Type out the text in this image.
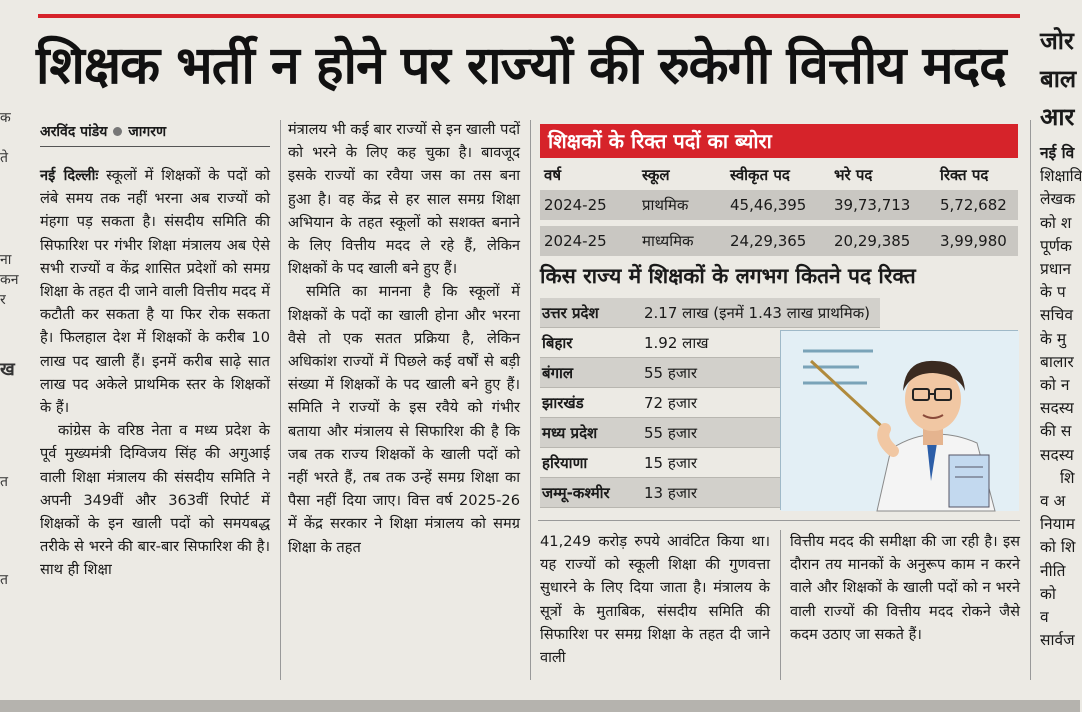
शिक्षक भर्ती न होने पर राज्यों की रुकेगी वित्तीय मदद
अरविंद पांडेय जागरण

नई दिल्लीः स्कूलों में शिक्षकों के पदों को लंबे समय तक नहीं भरना अब राज्यों को मंहगा पड़ सकता है। संसदीय समिति की सिफारिश पर गंभीर शिक्षा मंत्रालय अब ऐसे सभी राज्यों व केंद्र शासित प्रदेशों को समग्र शिक्षा के तहत दी जाने वाली वित्तीय मदद में कटौती कर सकता है या फिर रोक सकता है। फिलहाल देश में शिक्षकों के करीब 10 लाख पद खाली हैं। इनमें करीब साढ़े सात लाख पद अकेले प्राथमिक स्तर के शिक्षकों के हैं।

कांग्रेस के वरिष्ठ नेता व मध्य प्रदेश के पूर्व मुख्यमंत्री दिग्विजय सिंह की अगुआई वाली शिक्षा मंत्रालय की संसदीय समिति ने अपनी 349वीं और 363वीं रिपोर्ट में शिक्षकों के इन खाली पदों को समयबद्ध तरीके से भरने की बार-बार सिफारिश की है। साथ ही शिक्षा

मंत्रालय भी कई बार राज्यों से इन खाली पदों को भरने के लिए कह चुका है। बावजूद इसके राज्यों का रवैया जस का तस बना हुआ है। वह केंद्र से हर साल समग्र शिक्षा अभियान के तहत स्कूलों को सशक्त बनाने के लिए वित्तीय मदद ले रहे हैं, लेकिन शिक्षकों के पद खाली बने हुए हैं।

समिति का मानना है कि स्कूलों में शिक्षकों के पदों का खाली होना और भरना वैसे तो एक सतत प्रक्रिया है, लेकिन अधिकांश राज्यों में पिछले कई वर्षों से बड़ी संख्या में शिक्षकों के पद खाली बने हुए हैं। समिति ने राज्यों के इस रवैये को गंभीर बताया और मंत्रालय से सिफारिश की है कि जब तक राज्य शिक्षकों के खाली पदों को नहीं भरते हैं, तब तक उन्हें समग्र शिक्षा का पैसा नहीं दिया जाए। वित्त वर्ष 2025-26 में केंद्र सरकार ने शिक्षा मंत्रालय को समग्र शिक्षा के तहत

शिक्षकों के रिक्त पदों का ब्योरा
वर्ष	स्कूल	स्वीकृत पद	भरे पद	रिक्त पद
2024-25	प्राथमिक	45,46,395	39,73,713	5,72,682
2024-25	माध्यमिक	24,29,365	20,29,385	3,99,980
किस राज्य में शिक्षकों के लगभग कितने पद रिक्त
उत्तर प्रदेश	2.17 लाख (इनमें 1.43 लाख प्राथमिक)
बिहार	1.92 लाख
बंगाल	55 हजार
झारखंड	72 हजार
मध्य प्रदेश	55 हजार
हरियाणा	15 हजार
जम्मू-कश्मीर	13 हजार

41,249 करोड़ रुपये आवंटित किया था। यह राज्यों को स्कूली शिक्षा की गुणवत्ता सुधारने के लिए दिया जाता है। मंत्रालय के सूत्रों के मुताबिक, संसदीय समिति की सिफारिश पर समग्र शिक्षा के तहत दी जाने वाली

वित्तीय मदद की समीक्षा की जा रही है। इस दौरान तय मानकों के अनुरूप काम न करने वाले और शिक्षकों के खाली पदों को न भरने वाली राज्यों की वित्तीय मदद रोकने जैसे कदम उठाए जा सकते हैं।

जोर
बाल
आर
नई वि
शिक्षावि
लेखक
को श
पूर्णक
प्रधान
के प
सचिव
के मु
बालार
को न
सदस्य
की स
सदस्य
शि
व अ
नियाम
को शि
नीति
को
व
सार्वज
क
ते
ना
कन
र
ख
त
त
